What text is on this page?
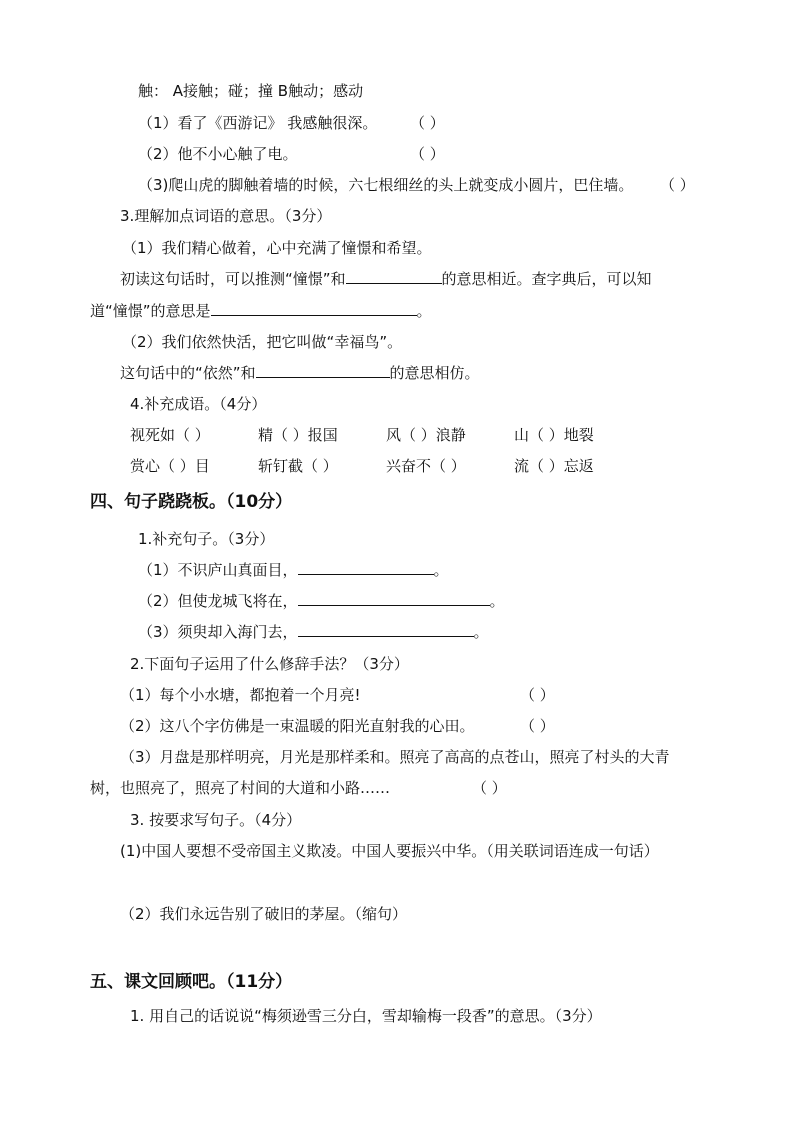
触： A接触；碰；撞 B触动；感动
（1）看了《西游记》 我感触很深。 （ ）
（2）他不小心触了电。	（ ）
（3)爬山虎的脚触着墙的时候，六七根细丝的头上就变成小圆片，巴住墙。 （ ）
3.理解加点词语的意思。（3分）
（1）我们精心做着，心中充满了憧憬和希望。
初读这句话时，可以推测“憧憬”和	的意思相近。查字典后，可以知
道“憧憬”的意思是	。
（2）我们依然快活，把它叫做“幸福鸟”。
这句话中的“依然”和	的意思相仿。
4.补充成语。（4分）
视死如（ ）	精（ ）报国	风（ ）浪静	山（ ）地裂
赏心（ ）目	斩钉截（ ）	兴奋不（ ）	流（ ）忘返
四、句子跷跷板。（10分）
1.补充句子。（3分）
（1）不识庐山真面目，	。
（2）但使龙城飞将在，	。
（3）须臾却入海门去，	。
2.下面句子运用了什么修辞手法？（3分）
（1）每个小水塘，都抱着一个月亮!	（ ）
（2）这八个字仿佛是一束温暖的阳光直射我的心田。	（ ）
（3）月盘是那样明亮，月光是那样柔和。照亮了高高的点苍山，照亮了村头的大青
树，也照亮了，照亮了村间的大道和小路……	（ ）
3. 按要求写句子。（4分）
(1)中国人要想不受帝国主义欺凌。中国人要振兴中华。（用关联词语连成一句话）
（2）我们永远告别了破旧的茅屋。（缩句）
五、课文回顾吧。（11分）
1. 用自己的话说说“梅须逊雪三分白，雪却输梅一段香”的意思。（3分）
